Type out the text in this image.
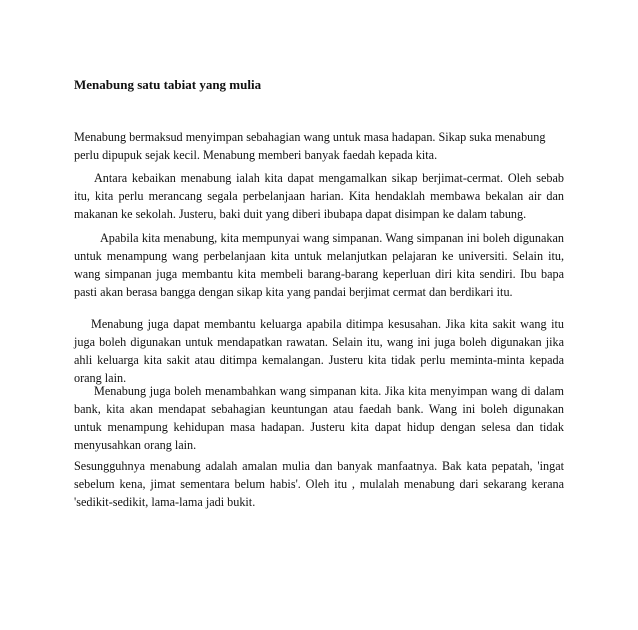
Menabung satu tabiat yang mulia

Menabung bermaksud menyimpan sebahagian wang untuk masa hadapan. Sikap suka menabung perlu dipupuk sejak kecil. Menabung memberi banyak faedah kepada kita.

Antara kebaikan menabung ialah kita dapat mengamalkan sikap berjimat-cermat. Oleh sebab itu, kita perlu merancang segala perbelanjaan harian. Kita hendaklah membawa bekalan air dan makanan ke sekolah. Justeru, baki duit yang diberi ibubapa dapat disimpan ke dalam tabung.

Apabila kita menabung, kita mempunyai wang simpanan. Wang simpanan ini boleh digunakan untuk menampung wang perbelanjaan kita untuk melanjutkan pelajaran ke universiti. Selain itu, wang simpanan juga membantu kita membeli barang-barang keperluan diri kita sendiri. Ibu bapa pasti akan berasa bangga dengan sikap kita yang pandai berjimat cermat dan berdikari itu.

Menabung juga dapat membantu keluarga apabila ditimpa kesusahan. Jika kita sakit wang itu juga boleh digunakan untuk mendapatkan rawatan. Selain itu, wang ini juga boleh digunakan jika ahli keluarga kita sakit atau ditimpa kemalangan. Justeru kita tidak perlu meminta-minta kepada orang lain.

Menabung juga boleh menambahkan wang simpanan kita. Jika kita menyimpan wang di dalam bank, kita akan mendapat sebahagian keuntungan atau faedah bank. Wang ini boleh digunakan untuk menampung kehidupan masa hadapan. Justeru kita dapat hidup dengan selesa dan tidak menyusahkan orang lain.

Sesungguhnya menabung adalah amalan mulia dan banyak manfaatnya. Bak kata pepatah, 'ingat sebelum kena, jimat sementara belum habis'. Oleh itu , mulalah menabung dari sekarang kerana 'sedikit-sedikit, lama-lama jadi bukit.
